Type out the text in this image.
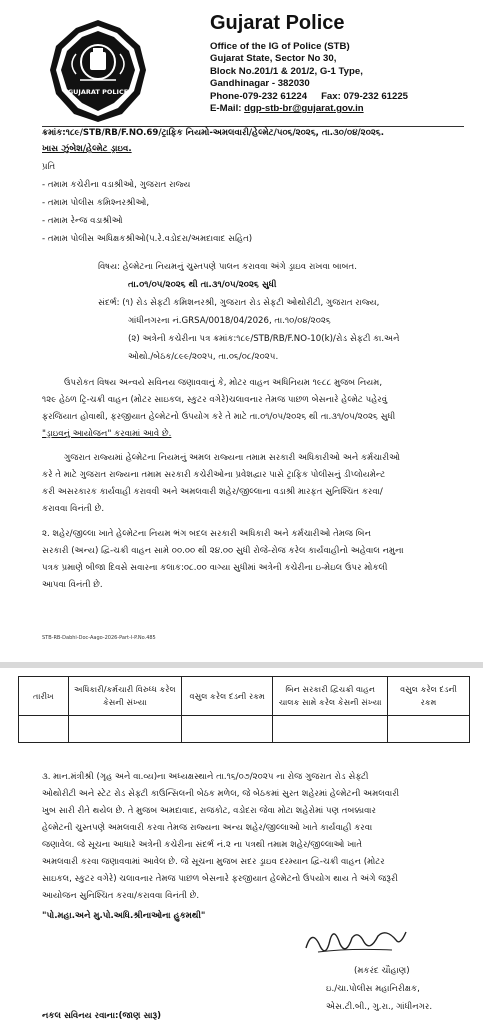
GUJARAT POLICE
Gujarat Police
Office of the IG of Police (STB)
Gujarat State, Sector No 30,
Block No.201/1 & 201/2, G-1 Type,
Gandhinagar - 382030
Phone-079-232 61224 Fax: 079-232 61225
E-Mail: dgp-stb-br@gujarat.gov.in
ક્રમાંક:૧૮૯/STB/RB/F.NO.69/ટ્રાફિક નિયમો-અમલવારી/હેલ્મેટ/૫૦૬/૨૦૨૬, તા.૩૦/૦૪/૨૦૨૬.
ખાસ ઝુંબેશ/હેલ્મેટ ડ્રાઇવ.
પ્રતિ
- તમામ કચેરીના વડાશ્રીઓ, ગુજરાત રાજ્ય
- તમામ પોલીસ કમિશ્નરશ્રીઓ,
- તમામ રેન્જ વડાશ્રીઓ
- તમામ પોલીસ અધિક્ષકશ્રીઓ(પ.રે.વડોદરા/અમદાવાદ સહિત)
વિષય: હેલ્મેટના નિયમનું ચુસ્તપણે પાલન કરાવવા અંગે ડ્રાઇવ રાખવા બાબત.
તા.૦૧/૦૫/૨૦૨૬ થી તા.૩૧/૦૫/૨૦૨૬ સુધી
સંદર્ભ: (૧) રોડ સેફટી કમિશનરશ્રી, ગુજરાત રોડ સેફટી ઓથોરીટી, ગુજરાત રાજ્ય,
ગાંધીનગરના નં.GRSA/0018/04/2026, તા.૧૦/૦૪/૨૦૨૬
(૨) અત્રેની કચેરીના પત્ર ક્રમાંક:૧૮૯/STB/RB/F.NO-10(k)/રોડ સેફટી કા.અને
ઓથો./બેઠક/૮૯૯/૨૦૨૫, તા.૦૬/૦૮/૨૦૨૫.
ઉપરોકત વિષય અન્વયે સવિનય જણાવવાનું કે, મોટર વાહન અધિનિયમ ૧૯૮૮ મુજબ નિયમ,
૧૨૯ હેઠળ ટ્રિ-ચક્રી વાહન (મોટર સાઇકલ, સ્કુટર વગેરે)ચલાવનાર તેમજ પાછળ બેસનારે હેલ્મેટ પહેરવું
ફરજિયાત હોવાથી, ફરજીયાત હેલ્મેટનો ઉપયોગ કરે તે માટે તા.૦૧/૦૫/૨૦૨૬ થી તા.૩૧/૦૫/૨૦૨૬ સુધી
"ડ્રાઇવનું આયોજન" કરવામાં આવે છે.
ગુજરાત રાજ્યમાં હેલ્મેટના નિયમનું અમલ રાજ્યના તમામ સરકારી અધિકારીઓ અને કર્મચારીઓ
કરે તે માટે ગુજરાત રાજ્યના તમામ સરકારી કચેરીઓના પ્રવેશદ્વાર પાસે ટ્રાફિક પોલીસનું ડીપ્લોયમેન્ટ
કરી અસરકારક કાર્યવાહી કરાવવી અને અમલવારી શહેર/જીલ્લાના વડાશ્રી મારફત સુનિશ્ચિત કરવા/
કરાવવા વિનંતી છે.
૨. શહેર/જીલ્લા ખાતે હેલ્મેટના નિયમ ભંગ બદલ સરકારી અધિકારી અને કર્મચારીઓ તેમજ બિન
સરકારી (અન્ય) દ્વિ-ચક્રી વાહન સામે ૦૦.૦૦ થી ૨૪.૦૦ સુધી રોજે-રોજ કરેલ કાર્યવાહીનો અહેવાલ નમુના
પત્રક પ્રમાણે બીજા દિવસે સવારના કલાક:૦૮.૦૦ વાગ્યા સુધીમાં અત્રેની કચેરીના ઇ-મેઇલ ઉપર મોકલી
આપવા વિનંતી છે.
STB-RB-Dabhi-Doc-Aago-2026-Part-I-P.No.485
તારીખ	અધિકારી/કર્મચારી વિરુધ્ધ કરેલ કેસની સંખ્યા	વસુલ કરેલ દંડની રકમ	બિન સરકારી દ્વિચક્રી વાહન ચાલક સામે કરેલ કેસની સંખ્યા	વસુલ કરેલ દંડની રકમ

૩. માન.મંત્રીશ્રી (ગૃહ અને વા.વ્ય)ના અધ્યક્ષસ્થાને તા.૧૬/૦૭/૨૦૨૫ ના રોજ ગુજરાત રોડ સેફ્ટી
ઓથોરીટી અને સ્ટેટ રોડ સેફ્ટી કાઉન્સિલની બેઠક મળેલ, જે બેઠકમાં સુરત શહેરમાં હેલ્મેટની અમલવારી
ખુબ સારી રીતે થયેલ છે. તે મુજબ અમદાવાદ, રાજકોટ, વડોદરા જેવા મોટા શહેરોમાં પણ તબક્કાવાર
હેલ્મેટની ચુસ્તપણે અમલવારી કરવા તેમજ રાજ્યના અન્ય શહેર/જીલ્લાઓ ખાતે કાર્યવાહી કરવા
જણાવેલ. જે સૂચના આધારે અત્રેની કચેરીના સંદર્ભ નં.૨ ના પત્રથી તમામ શહેર/જીલ્લાઓ ખાતે
અમલવારી કરવા જણાવવામાં આવેલ છે. જે સૂચના મુજબ સદર ડ્રાઇવ દરમ્યાન દ્વિ-ચક્રી વાહન (મોટર
સાઇકલ, સ્કુટર વગેરે) ચલાવનાર તેમજ પાછળ બેસનારે ફરજીયાત હેલ્મેટનો ઉપયોગ થાય તે અંગે જરૂરી
આયોજન સુનિશ્ચિત કરવા/કરાવવા વિનંતી છે.
"પો.મહા.અને મુ.પો.અધિ.શ્રીનાઓના હુકમથી"
(મકરંદ ચૌહાણ)
ઇ./ચા.પોલીસ મહાનિરીક્ષક,
એસ.ટી.બી., ગુ.રા., ગાંધીનગર.
નકલ સવિનય રવાના:(જાણ સારૂ)
